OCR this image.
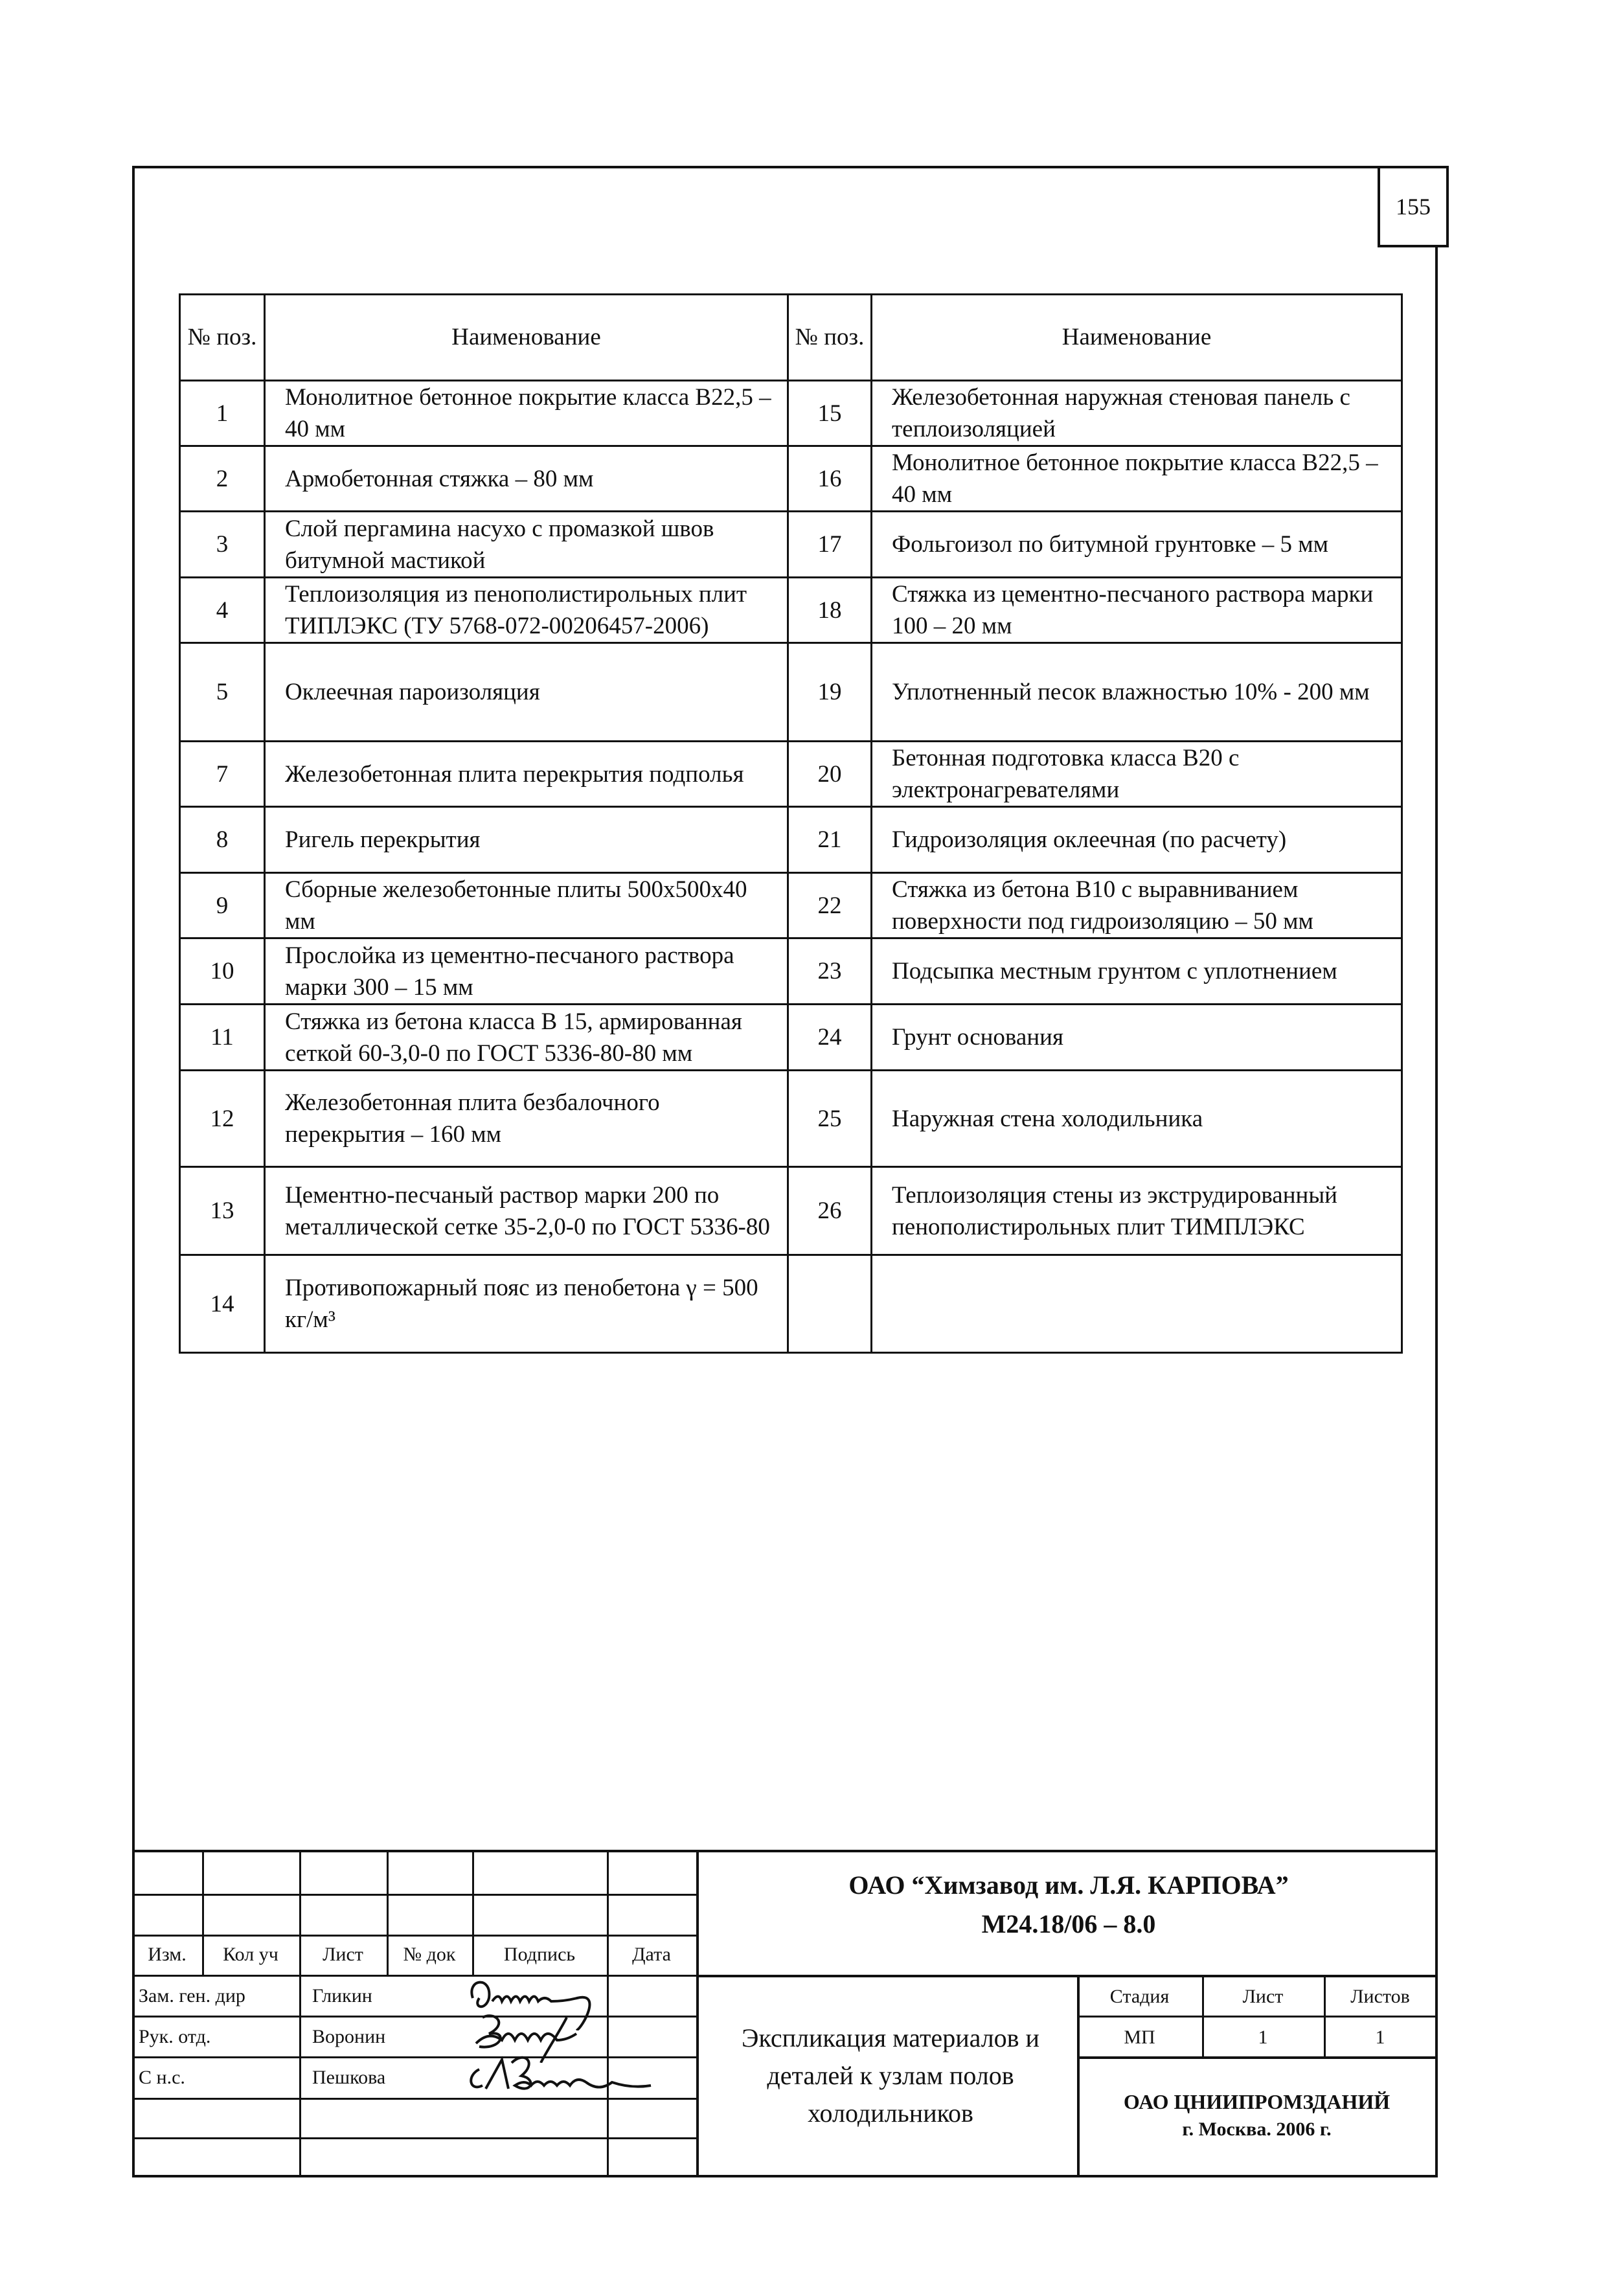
155
№ поз.	Наименование	№ поз.	Наименование
1	Монолитное бетонное покрытие класса В22,5 – 40 мм	15	Железобетонная наружная стеновая панель с теплоизоляцией
2	Армобетонная стяжка – 80 мм	16	Монолитное бетонное покрытие класса В22,5 – 40 мм
3	Слой пергамина насухо с промазкой швов битумной мастикой	17	Фольгоизол по битумной грунтовке – 5 мм
4	Теплоизоляция из пенополистирольных плит ТИПЛЭКС (ТУ 5768-072-00206457-2006)	18	Стяжка из цементно-песчаного раствора марки 100 – 20 мм
5	Оклеечная пароизоляция	19	Уплотненный песок влажностью 10% - 200 мм
7	Железобетонная плита перекрытия подполья	20	Бетонная подготовка класса В20 с электронагревателями
8	Ригель перекрытия	21	Гидроизоляция оклеечная (по расчету)
9	Сборные железобетонные плиты 500х500х40 мм	22	Стяжка из бетона В10 с выравниванием поверхности под гидроизоляцию – 50 мм
10	Прослойка из цементно-песчаного раствора марки 300 – 15 мм	23	Подсыпка местным грунтом с уплотнением
11	Стяжка из бетона класса В 15, армированная сеткой 60-3,0-0 по ГОСТ 5336-80-80 мм	24	Грунт основания
12	Железобетонная плита безбалочного перекрытия – 160 мм	25	Наружная стена холодильника
13	Цементно-песчаный раствор марки 200 по металлической сетке 35-2,0-0 по ГОСТ 5336-80	26	Теплоизоляция стены из экструдированный пенополистирольных плит ТИМПЛЭКС
14	Противопожарный пояс из пенобетона γ = 500 кг/м³		
Изм.	Кол уч	Лист	№ док	Подпись	Дата
Зам. ген. дир	Гликин
Рук. отд.	Воронин
С н.с.	Пешкова
ОАО “Химзавод им. Л.Я. КАРПОВА”
М24.18/06 – 8.0
Экспликация материалов и деталей к узлам полов холодильников
Стадия	Лист	Листов
МП	1	1
ОАО ЦНИИПРОМЗДАНИЙ
г. Москва. 2006 г.
